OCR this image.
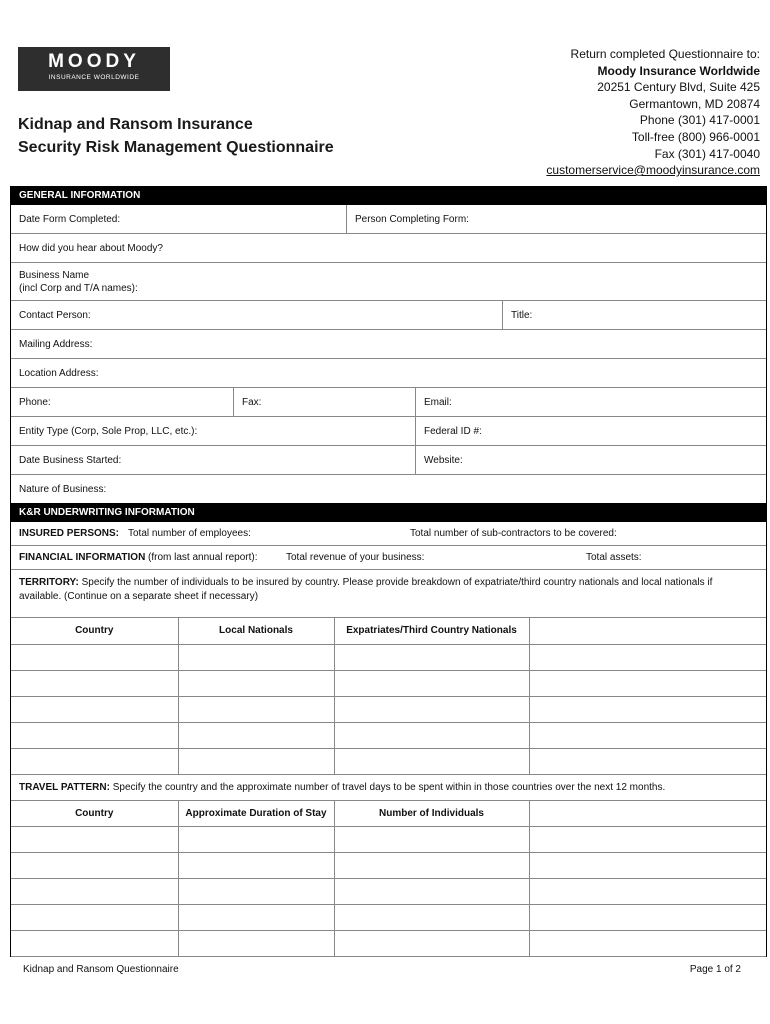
MOODY
INSURANCE WORLDWIDE
Kidnap and Ransom Insurance
Security Risk Management Questionnaire
Return completed Questionnaire to:
Moody Insurance Worldwide
20251 Century Blvd, Suite 425
Germantown, MD 20874
Phone (301) 417-0001
Toll-free (800) 966-0001
Fax (301) 417-0040
customerservice@moodyinsurance.com
GENERAL INFORMATION
Date Form Completed:	Person Completing Form:
How did you hear about Moody?
Business Name
(incl Corp and T/A names):
Contact Person:	Title:
Mailing Address:
Location Address:
Phone:	Fax:	Email:
Entity Type (Corp, Sole Prop, LLC, etc.):	Federal ID #:
Date Business Started:	Website:
Nature of Business:
K&R UNDERWRITING INFORMATION
INSURED PERSONS: Total number of employees:	Total number of sub-contractors to be covered:
FINANCIAL INFORMATION (from last annual report):	Total revenue of your business:	Total assets:
TERRITORY: Specify the number of individuals to be insured by country. Please provide breakdown of expatriate/third country nationals and local nationals if available. (Continue on a separate sheet if necessary)
Country	Local Nationals	Expatriates/Third Country Nationals	

TRAVEL PATTERN:
Specify the country and the approximate number of travel days to be spent within in those countries over the next 12 months.
Country	Approximate Duration of Stay	Number of Individuals	

Kidnap and Ransom Questionnaire	Page 1 of 2
